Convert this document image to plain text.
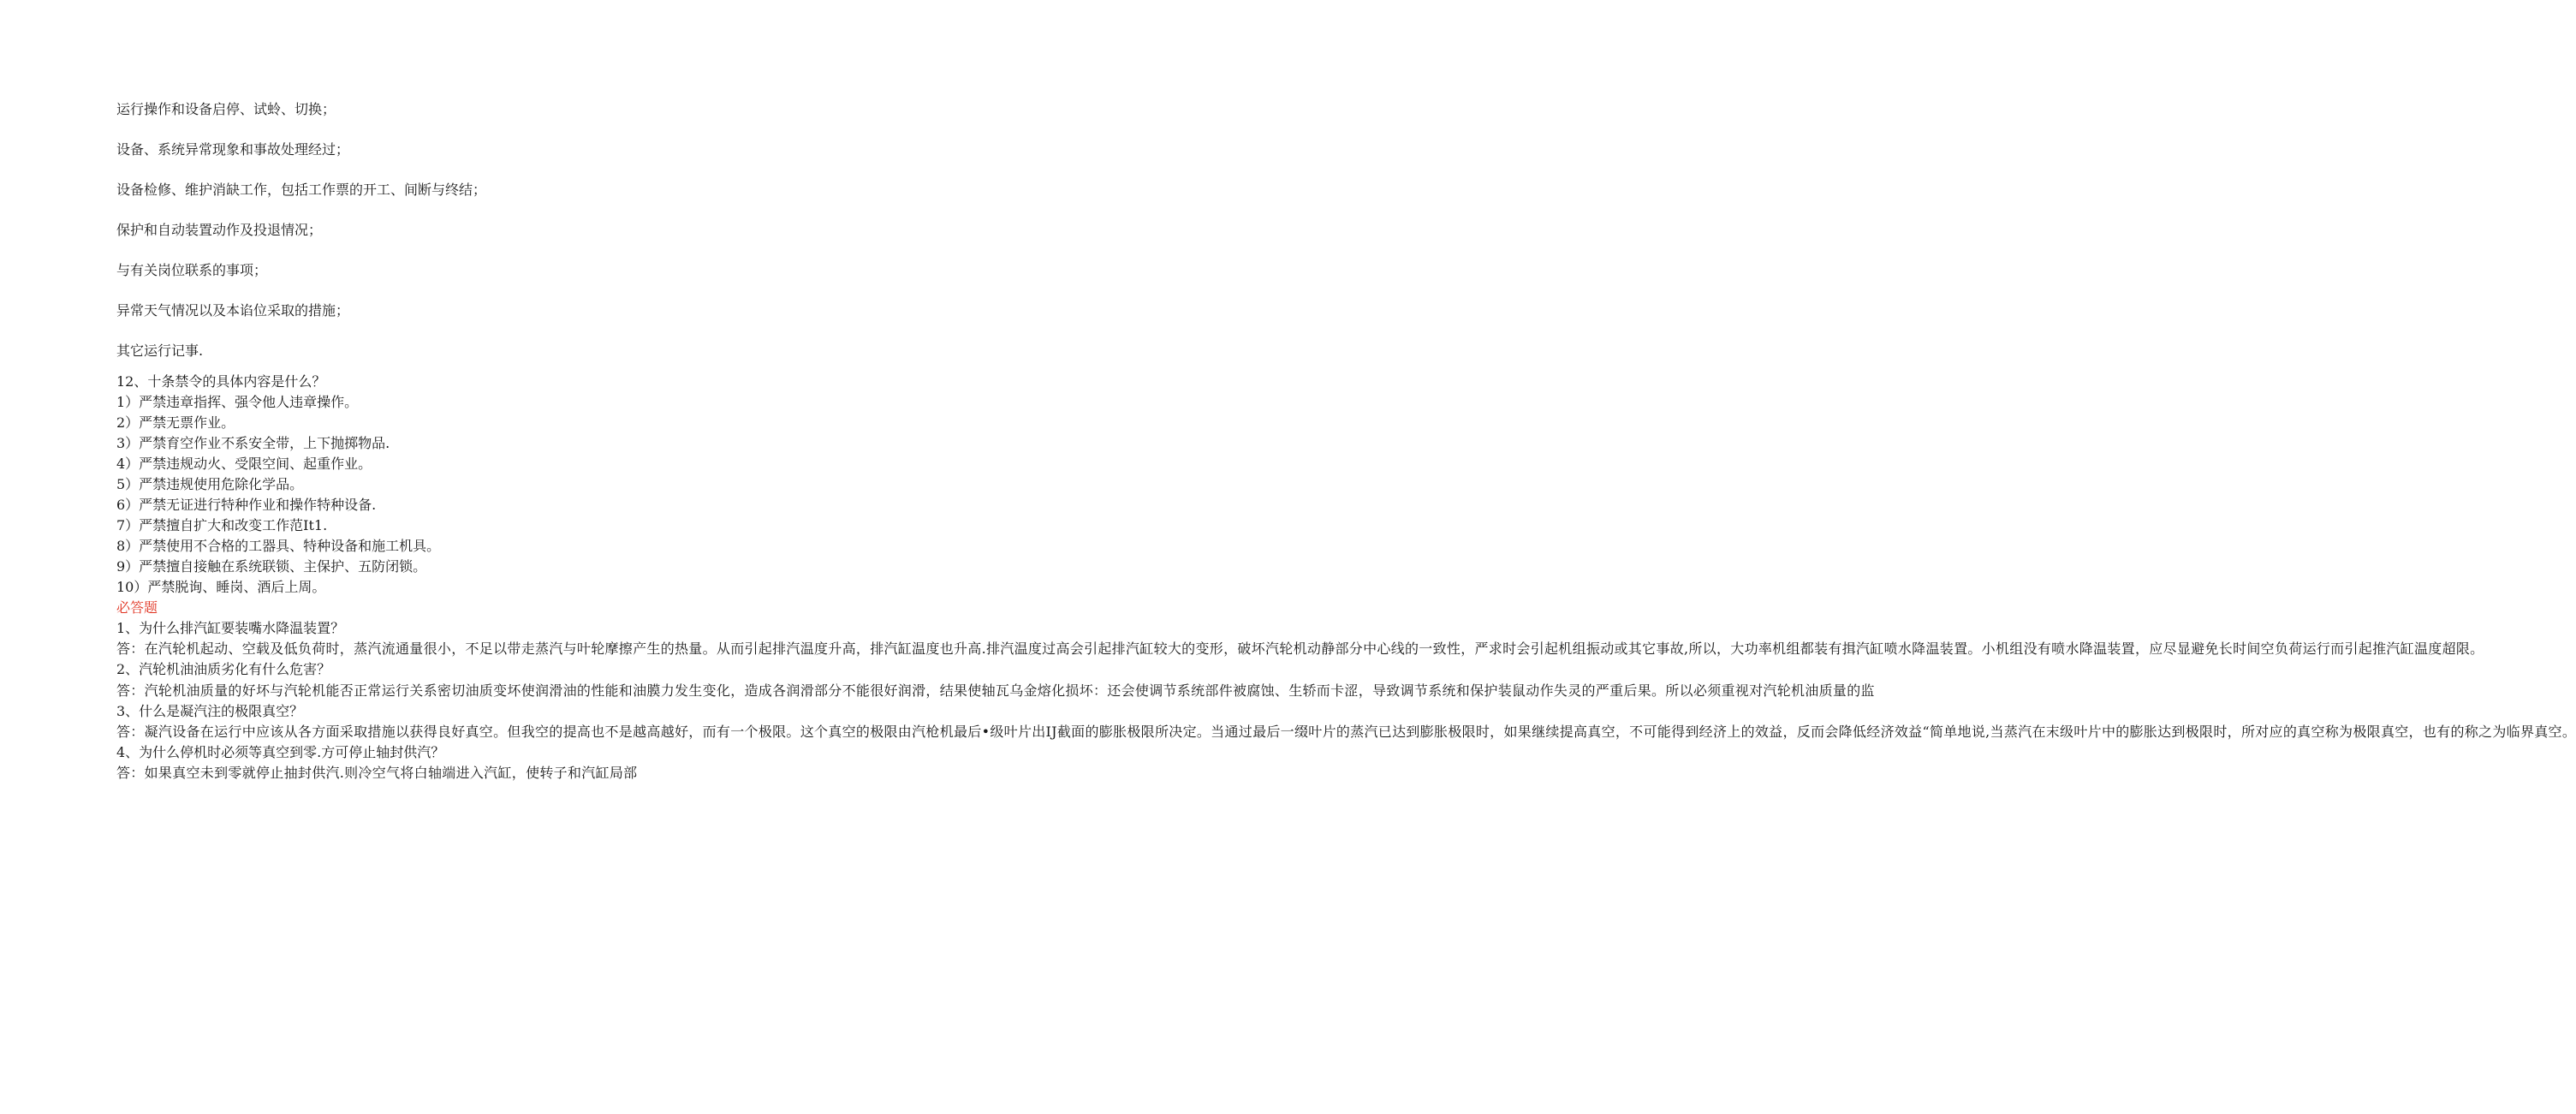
运行操作和设备启停、试蛉、切换；

设备、系统异常现象和事故处理经过；

设备检修、维护消缺工作，包括工作票的开工、间断与终结；

保护和自动装置动作及投退情况；

与有关岗位联系的事项；

异常天气情况以及本谄位采取的措施；

其它运行记事.

12、十条禁令的具体内容是什么？

1）严禁违章指挥、强令他人违章操作。

2）严禁无票作业。

3）严禁育空作业不系安全带，上下抛掷物品.

4）严禁违规动火、受限空间、起重作业。

5）严禁违规使用危除化学品。

6）严禁无证进行特种作业和操作特种设备.

7）严禁擅自扩大和改变工作范It1.

8）严禁使用不合格的工器具、特种设备和施工机具。

9）严禁擅自接触在系统联锁、主保护、五防闭锁。

10）严禁脱询、睡岗、酒后上周。

必答题

1、为什么排汽缸要装嘴水降温装置？

答：在汽轮机起动、空载及低负荷时，蒸汽流通量很小，不足以带走蒸汽与叶轮摩擦产生的热量。从而引起排汽温度升高，排汽缸温度也升高.排汽温度过高会引起排汽缸较大的变形，破坏汽轮机动静部分中心线的一致性，严求时会引起机组振动或其它事故,所以，大功率机组都装有揖汽缸喷水降温装置。小机组没有喷水降温装置，应尽显避免长时间空负荷运行而引起推汽缸温度超限。

2、汽轮机油油质劣化有什么危害？

答：汽轮机油质量的好坏与汽轮机能否正常运行关系密切油质变坏使润滑油的性能和油膜力发生变化，造成各润滑部分不能很好润滑，结果使轴瓦乌金熔化损坏：还会使调节系统部件被腐蚀、生轿而卡涩，导致调节系统和保护装鼠动作失灵的严重后果。所以必须重视对汽轮机油质量的监

3、什么是凝汽注的极限真空？

答：凝汽设备在运行中应该从各方面采取措施以获得良好真空。但我空的提高也不是越高越好，而有一个极限。这个真空的极限由汽枪机最后•级叶片出IJ截面的膨胀极限所决定。当通过最后一缀叶片的蒸汽已达到膨胀极限时，如果继续提高真空，不可能得到经济上的效益，反而会降低经济效益“简单地说,当蒸汽在末级叶片中的膨胀达到极限时，所对应的真空称为极限真空，也有的称之为临界真空。

4、为什么停机时必须等真空到零.方可停止轴封供汽？

答：如果真空未到零就停止抽封供汽.则冷空气将白轴端进入汽缸，使转子和汽缸局部
